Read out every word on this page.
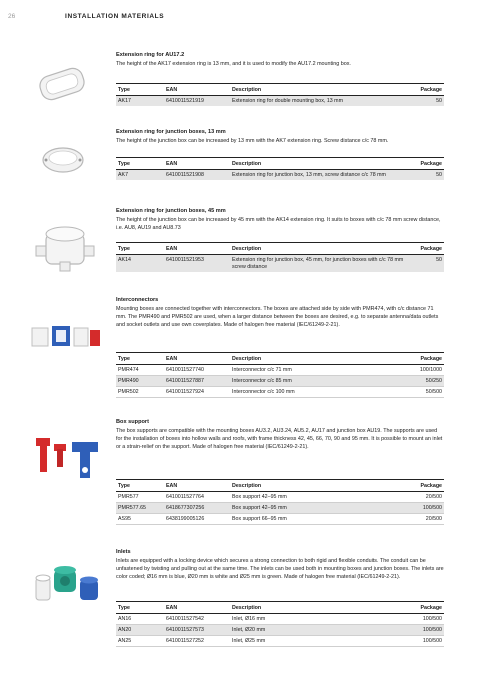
26	INSTALLATION MATERIALS

Extension ring for AU17.2

The height of the AK17 extension ring is 13 mm, and it is used to modify the AU17.2 mounting box.

Type	EAN	Description	Package
AK17	6410011521919	Extension ring for double mounting box, 13 mm	50

Extension ring for junction boxes, 13 mm

The height of the junction box can be increased by 13 mm with the AK7 extension ring. Screw distance c/c 78 mm.

Type	EAN	Description	Package
AK7	6410011521908	Extension ring for junction box, 13 mm, screw distance c/c 78 mm	50

Extension ring for junction boxes, 45 mm

The height of the junction box can be increased by 45 mm with the AK14 extension ring. It suits to boxes with c/c 78 mm screw distance, i.e. AU8, AU19 and AU8.73

Type	EAN	Description	Package
AK14	6410011521953	Extension ring for junction box, 45 mm, for junction boxes with c/c 78 mm screw distance	50

Interconnectors

Mounting boxes are connected together with interconnectors. The boxes are attached side by side with PMR474, with c/c distance 71 mm. The PMR490 and PMR502 are used, when a larger distance between the boxes are desired, e.g. to separate antenna/data outlets and socket outlets and use own coverplates. Made of halogen free material (IEC/61249-2-21).

Type	EAN	Description	Package
PMR474	6410011527740	Interconnector c/c 71 mm	100/1000
PMR490	6410011527887	Interconnector c/c 85 mm	50/250
PMR502	6410011527924	Interconnector c/c 100 mm	50/500

Box support

The box supports are compatible with the mounting boxes AU3.2, AU3.24, AU5.2, AU17 and junction box AU19. The supports are used for the installation of boxes into hollow walls and roofs, with frame thickness 42, 45, 66, 70, 90 and 95 mm. It is possible to mount an inlet or a strain-relief on the support. Made of halogen free material (IEC/61249-2-21).

Type	EAN	Description	Package
PMR577	6410011527764	Box support 42–95 mm	20/500
PMR577.65	6418677307256	Box support 42–95 mm	100/500
AS95	6438199005126	Box support 66–95 mm	20/500

Inlets

Inlets are equipped with a locking device which secures a strong connection to both rigid and flexible conduits. The conduit can be unfastened by twisting and pulling out at the same time. The inlets can be used both in mounting boxes and junction boxes. The inlets are color coded; Ø16 mm is blue, Ø20 mm is white and Ø25 mm is green. Made of halogen free material (IEC/61249-2-21).

Type	EAN	Description	Package
AN16	6410011527542	Inlet, Ø16 mm	100/500
AN20	6410011527573	Inlet, Ø20 mm	100/500
AN25	6410011527252	Inlet, Ø25 mm	100/500
